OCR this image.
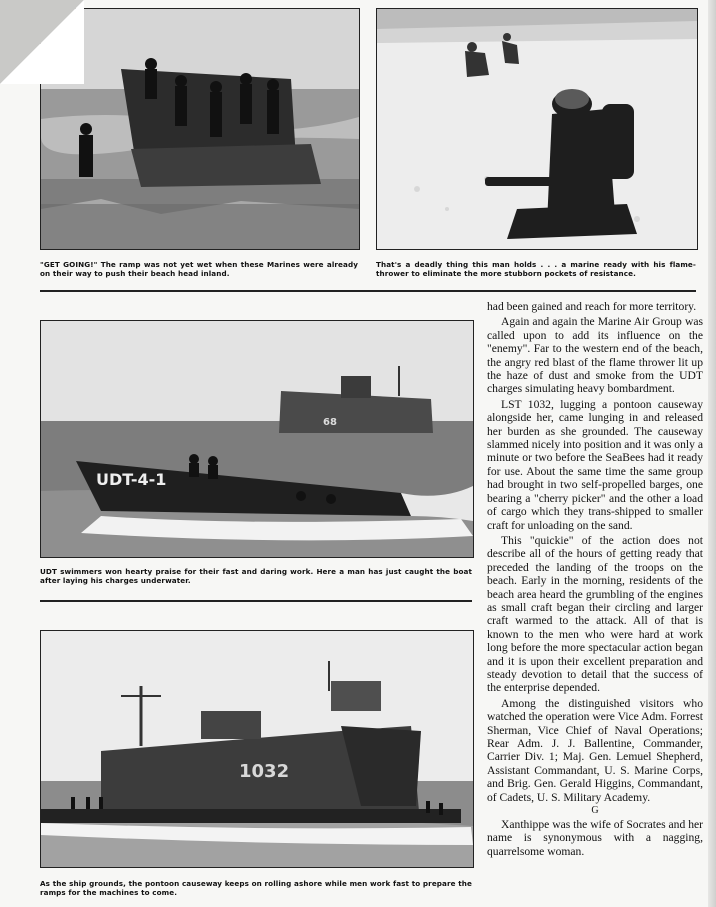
"GET GOING!" The ramp was not yet wet when these Marines were already on their way to push their beach head inland.
That's a deadly thing this man holds . . . a marine ready with his flame-thrower to eliminate the more stubborn pockets of resistance.
68
UDT-4-1
UDT swimmers won hearty praise for their fast and daring work. Here a man has just caught the boat after laying his charges underwater.
1032
As the ship grounds, the pontoon causeway keeps on rolling ashore while men work fast to prepare the ramps for the machines to come.

had been gained and reach for more territory.

Again and again the Marine Air Group was called upon to add its influence on the "enemy". Far to the western end of the beach, the angry red blast of the flame thrower lit up the haze of dust and smoke from the UDT charges simulating heavy bombardment.

LST 1032, lugging a pontoon causeway alongside her, came lunging in and released her burden as she grounded. The causeway slammed nicely into position and it was only a minute or two before the SeaBees had it ready for use. About the same time the same group had brought in two self-propelled barges, one bearing a "cherry picker" and the other a load of cargo which they trans-shipped to smaller craft for unloading on the sand.

This "quickie" of the action does not describe all of the hours of getting ready that preceded the landing of the troops on the beach. Early in the morning, residents of the beach area heard the grumbling of the engines as small craft began their circling and larger craft warmed to the attack. All of that is known to the men who were hard at work long before the more spectacular action began and it is upon their excellent preparation and steady devotion to detail that the success of the enterprise depended.

Among the distinguished visitors who watched the operation were Vice Adm. Forrest Sherman, Vice Chief of Naval Operations; Rear Adm. J. J. Ballentine, Commander, Carrier Div. 1; Maj. Gen. Lemuel Shepherd, Assistant Commandant, U. S. Marine Corps, and Brig. Gen. Gerald Higgins, Commandant, of Cadets, U. S. Military Academy.

G

Xanthippe was the wife of Socrates and her name is synonymous with a nagging, quarrelsome woman.
